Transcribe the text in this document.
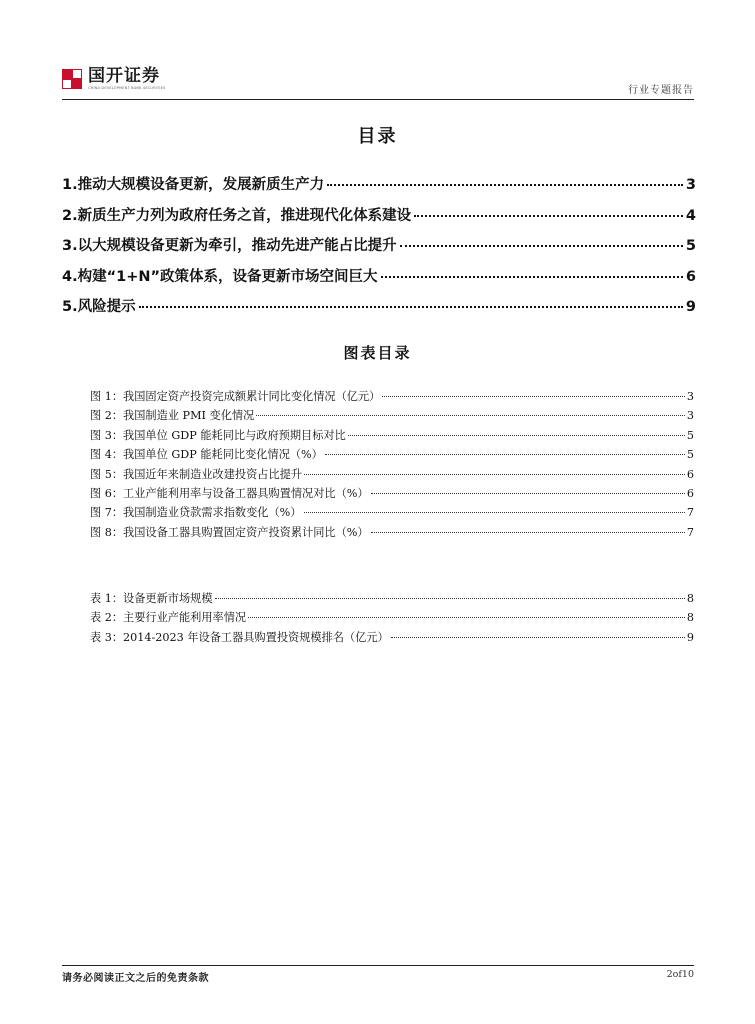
国开证券
CHINA DEVELOPMENT BANK SECURITIES	行业专题报告
目录
1.推动大规模设备更新，发展新质生产力	3
2.新质生产力列为政府任务之首，推进现代化体系建设	4
3.以大规模设备更新为牵引，推动先进产能占比提升	5
4.构建“1+N”政策体系，设备更新市场空间巨大	6
5.风险提示	9
图表目录
图 1：我国固定资产投资完成额累计同比变化情况（亿元）	3
图 2：我国制造业 PMI 变化情况	3
图 3：我国单位 GDP 能耗同比与政府预期目标对比	5
图 4：我国单位 GDP 能耗同比变化情况（%）	5
图 5：我国近年来制造业改建投资占比提升	6
图 6：工业产能利用率与设备工器具购置情况对比（%）	6
图 7：我国制造业贷款需求指数变化（%）	7
图 8：我国设备工器具购置固定资产投资累计同比（%）	7
表 1：设备更新市场规模	8
表 2：主要行业产能利用率情况	8
表 3：2014-2023 年设备工器具购置投资规模排名（亿元）	9
请务必阅读正文之后的免责条款	2of10
